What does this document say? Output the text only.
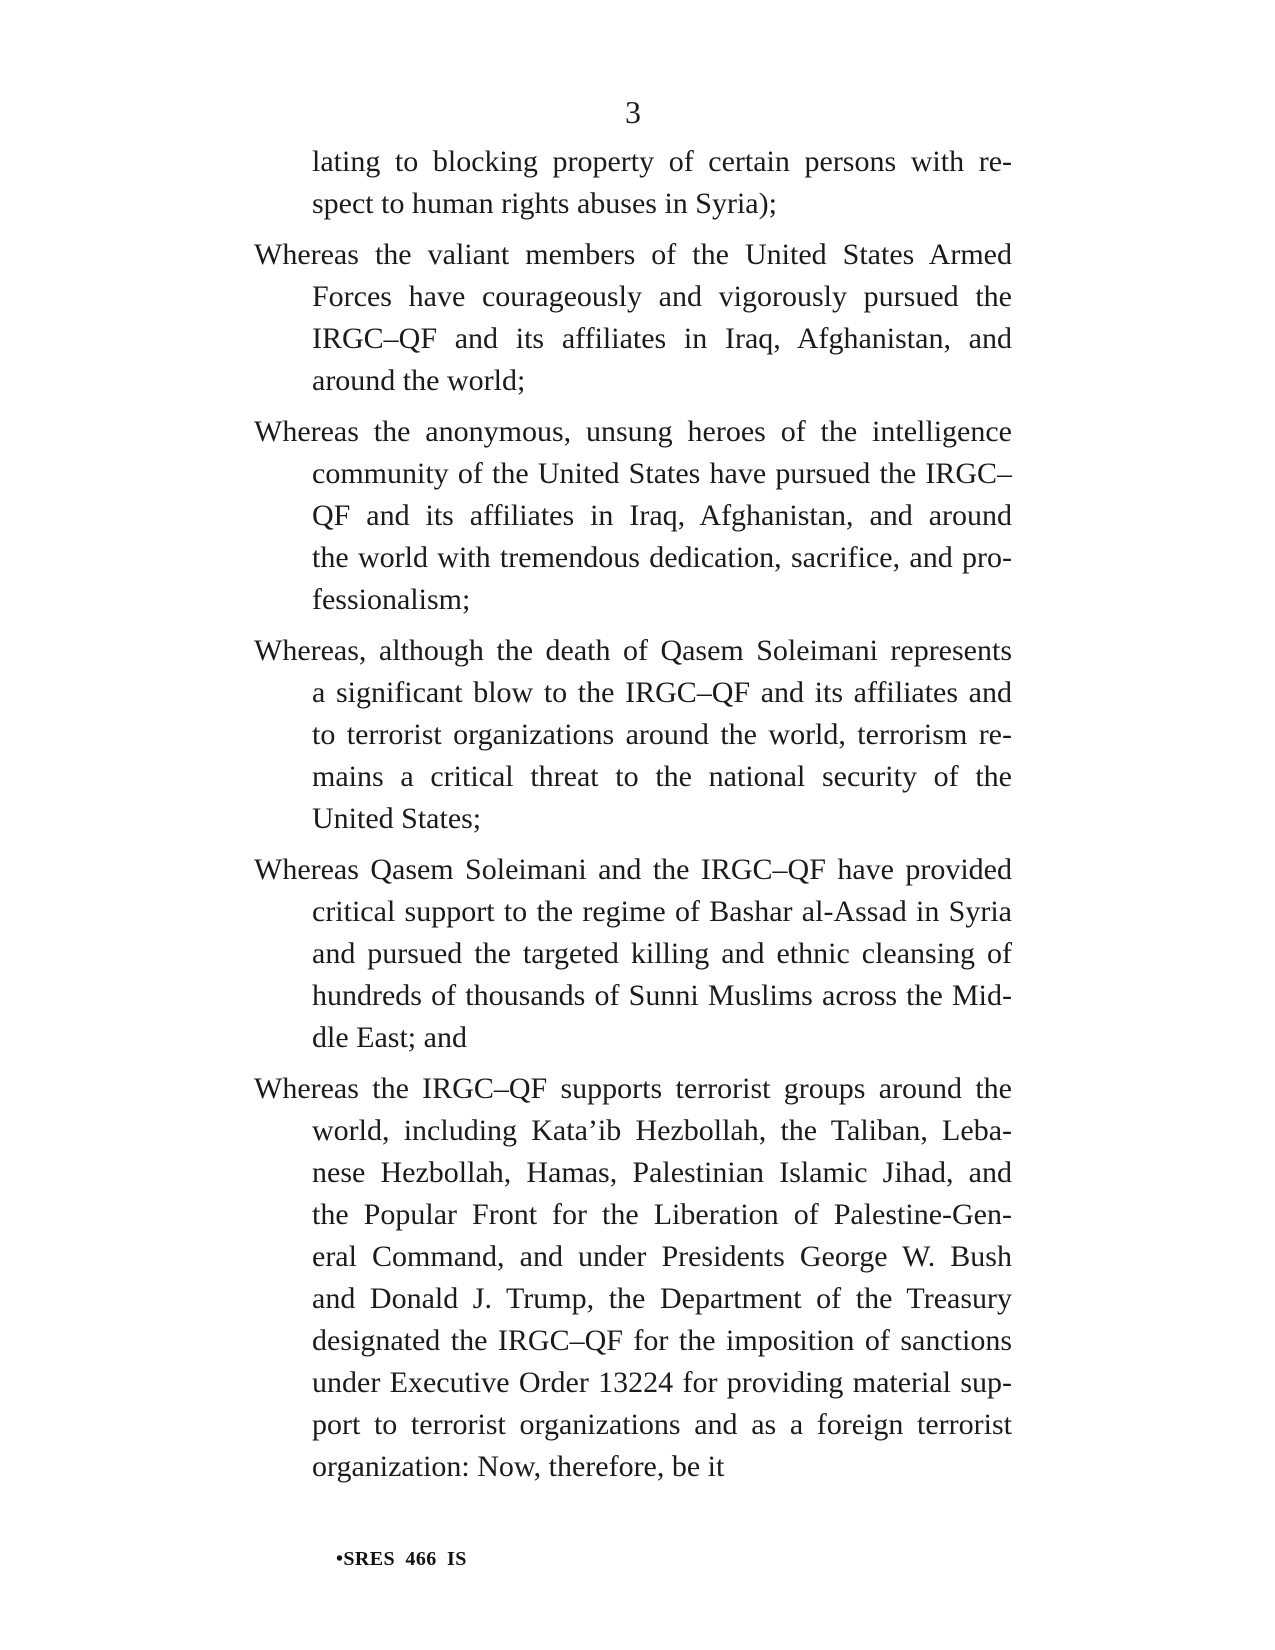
3
lating to blocking property of certain persons with re-
spect to human rights abuses in Syria);
Whereas the valiant members of the United States Armed
Forces have courageously and vigorously pursued the
IRGC–QF and its affiliates in Iraq, Afghanistan, and
around the world;
Whereas the anonymous, unsung heroes of the intelligence
community of the United States have pursued the IRGC–
QF and its affiliates in Iraq, Afghanistan, and around
the world with tremendous dedication, sacrifice, and pro-
fessionalism;
Whereas, although the death of Qasem Soleimani represents
a significant blow to the IRGC–QF and its affiliates and
to terrorist organizations around the world, terrorism re-
mains a critical threat to the national security of the
United States;
Whereas Qasem Soleimani and the IRGC–QF have provided
critical support to the regime of Bashar al-Assad in Syria
and pursued the targeted killing and ethnic cleansing of
hundreds of thousands of Sunni Muslims across the Mid-
dle East; and
Whereas the IRGC–QF supports terrorist groups around the
world, including Kata’ib Hezbollah, the Taliban, Leba-
nese Hezbollah, Hamas, Palestinian Islamic Jihad, and
the Popular Front for the Liberation of Palestine-Gen-
eral Command, and under Presidents George W. Bush
and Donald J. Trump, the Department of the Treasury
designated the IRGC–QF for the imposition of sanctions
under Executive Order 13224 for providing material sup-
port to terrorist organizations and as a foreign terrorist
organization: Now, therefore, be it
•SRES 466 IS
